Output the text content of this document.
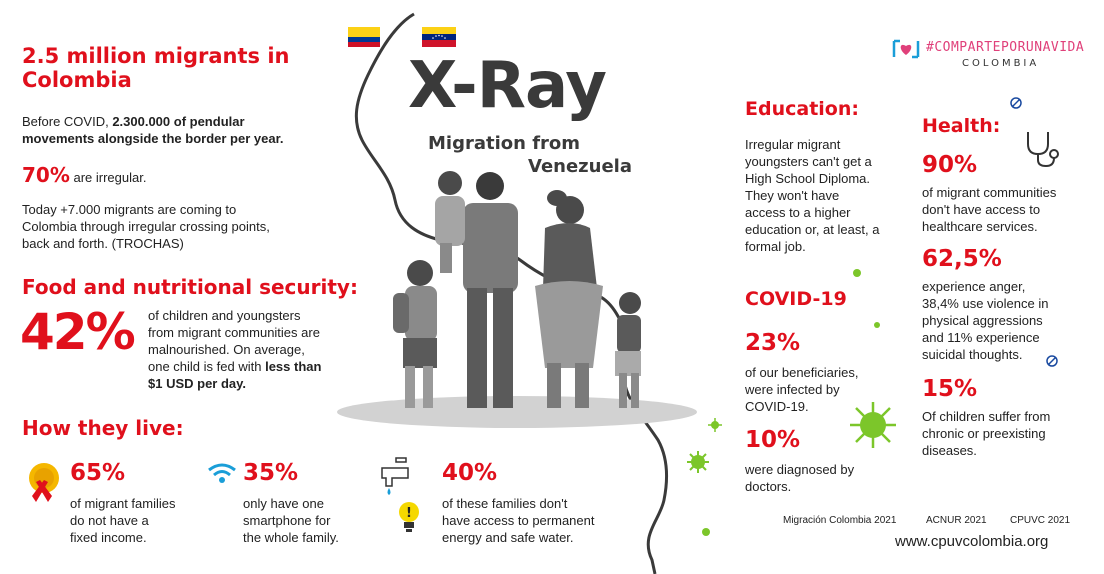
X-Ray
Migration from
Venezuela
2.5 million migrants in
Colombia
Before COVID, 2.300.000 of pendular
movements alongside the border per year.
70% are irregular.
Today +7.000 migrants are coming to
Colombia through irregular crossing points,
back and forth. (TROCHAS)
Food and nutritional security:
42% of children and youngsters
from migrant communities are
malnourished. On average,
one child is fed with less than
$1 USD per day.
How they live:
65%
of migrant families
do not have a
fixed income.
35%
only have one
smartphone for
the whole family.
!
40%
of these families don't
have access to permanent
energy and safe water.
#COMPARTEPORUNAVIDA
COLOMBIA
Education:
Irregular migrant
youngsters can't get a
High School Diploma.
They won't have
access to a higher
education or, at least, a
formal job.
COVID-19
23%
of our beneficiaries,
were infected by
COVID-19.
10%
were diagnosed by
doctors.
Health:
90%
of migrant communities
don't have access to
healthcare services.
62,5%
experience anger,
38,4% use violence in
physical aggressions
and 11% experience
suicidal thoughts.
15%
Of children suffer from
chronic or preexisting
diseases.
Migración Colombia 2021	ACNUR 2021 CPUVC 2021
www.cpuvcolombia.org
